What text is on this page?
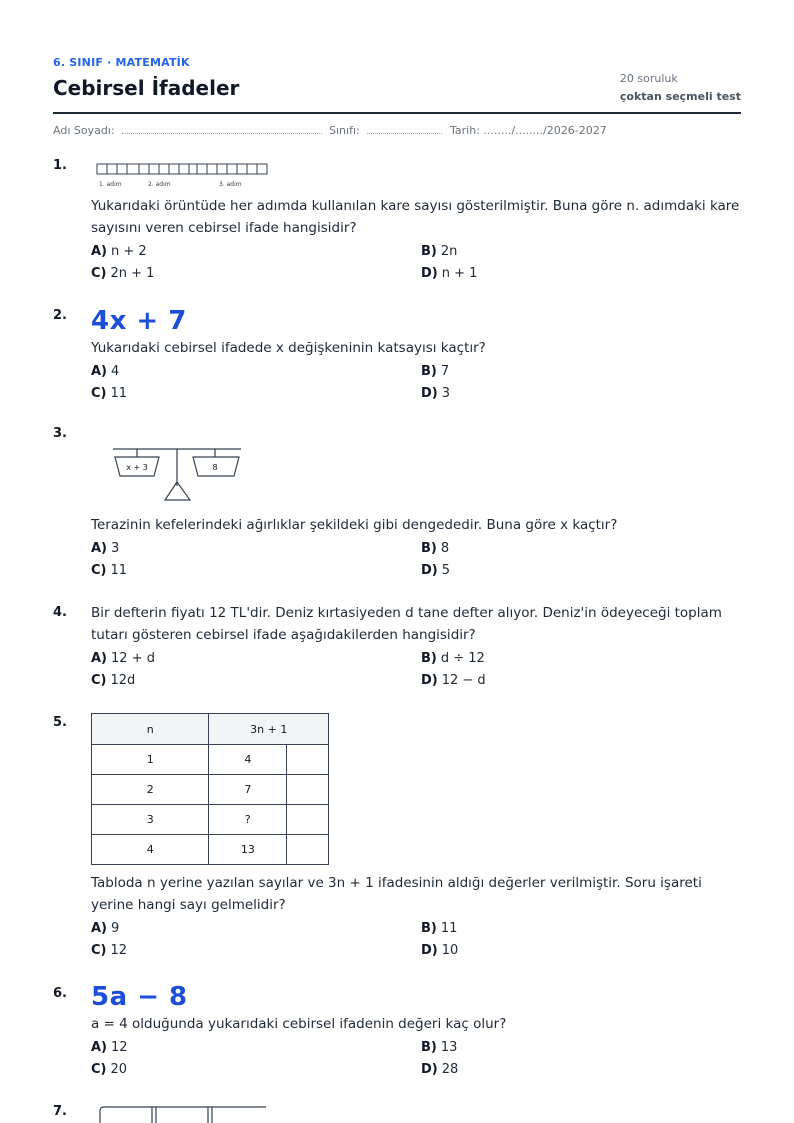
6. SINIF · MATEMATİK
Cebirsel İfadeler	20 soruluk
çoktan seçmeli test
Adı Soyadı:	Sınıfı:	Tarih: ......../......../2026-2027
1.
1. adım	2. adım	3. adım
Yukarıdaki örüntüde her adımda kullanılan kare sayısı gösterilmiştir. Buna göre n. adımdaki kare sayısını veren cebirsel ifade hangisidir?
A) n + 2	B) 2n
C) 2n + 1	D) n + 1
2. 4x + 7
Yukarıdaki cebirsel ifadede x değişkeninin katsayısı kaçtır?
A) 4	B) 7
C) 11	D) 3
3.
x + 3	8
Terazinin kefelerindeki ağırlıklar şekildeki gibi dengededir. Buna göre x kaçtır?
A) 3	B) 8
C) 11	D) 5
4. Bir defterin fiyatı 12 TL'dir. Deniz kırtasiyeden d tane defter alıyor. Deniz'in ödeyeceği toplam tutarı gösteren cebirsel ifade aşağıdakilerden hangisidir?
A) 12 + d	B) d ÷ 12
C) 12d	D) 12 − d
5.	n	3n + 1	
1	4	
2	7	
3	?	
4	13	
Tabloda n yerine yazılan sayılar ve 3n + 1 ifadesinin aldığı değerler verilmiştir. Soru işareti yerine hangi sayı gelmelidir?
A) 9	B) 11
C) 12	D) 10
6. 5a − 8
a = 4 olduğunda yukarıdaki cebirsel ifadenin değeri kaç olur?
A) 12	B) 13
C) 20	D) 28
7.
